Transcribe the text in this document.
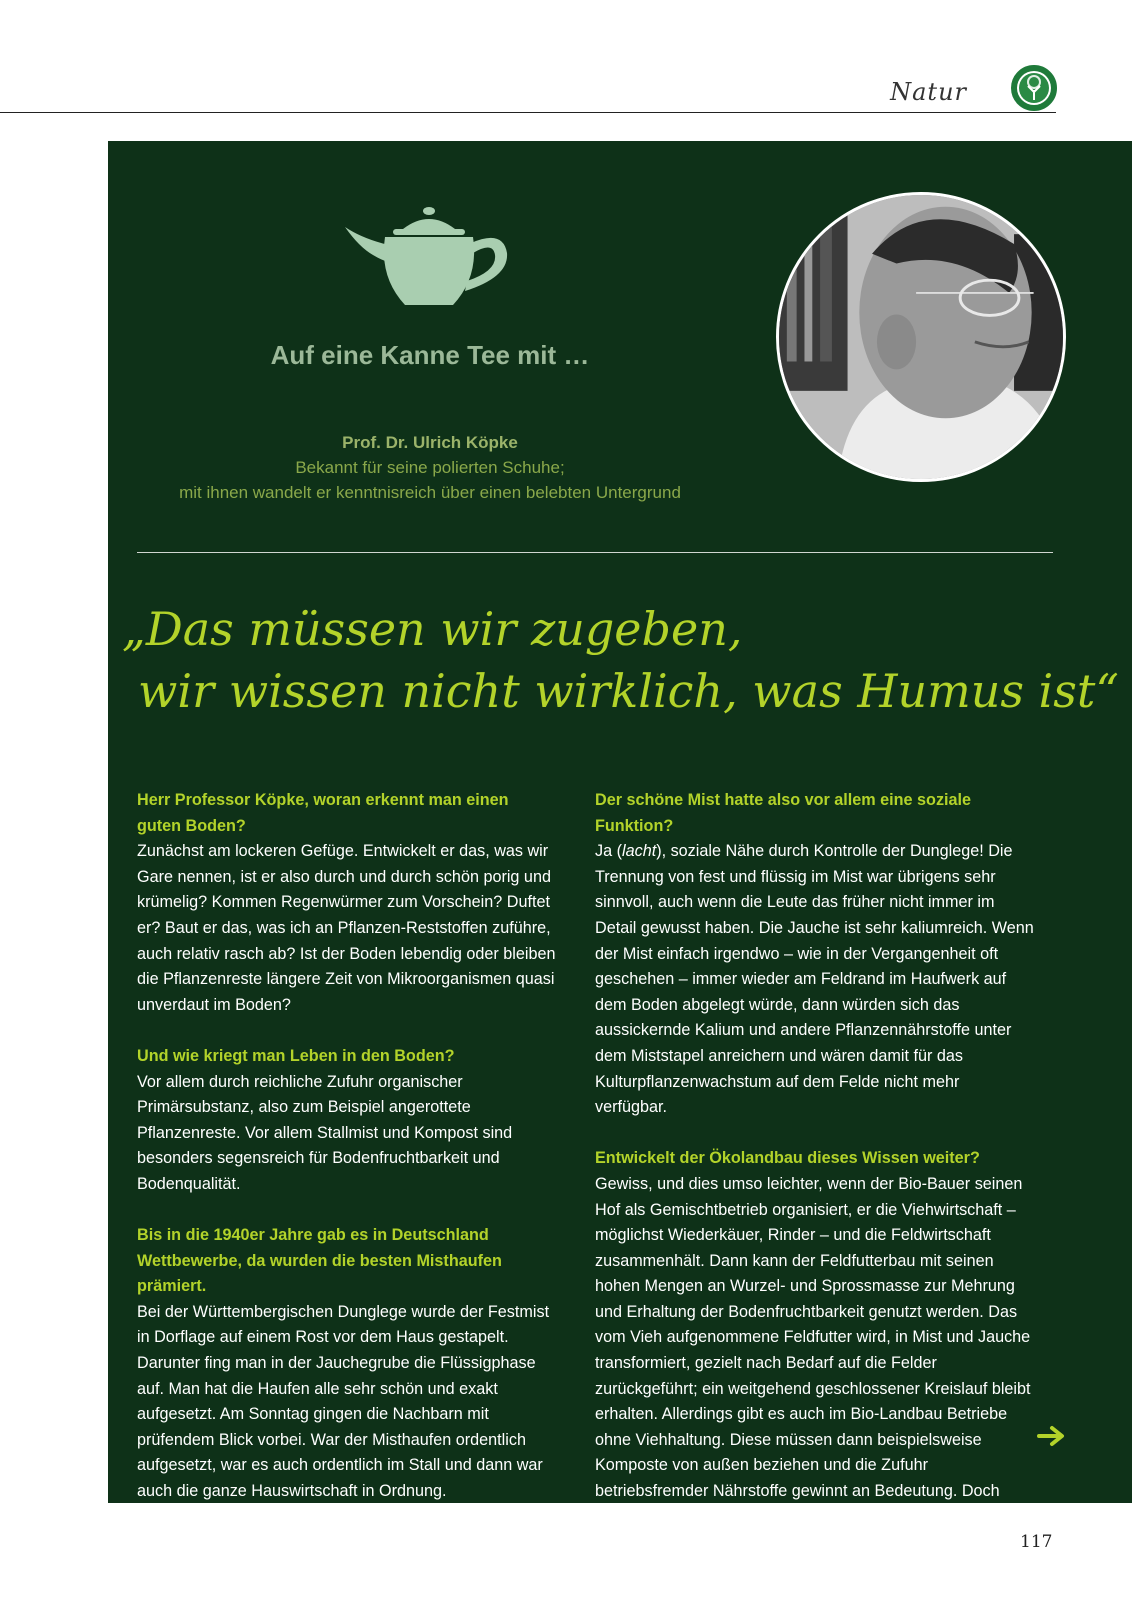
Natur
Auf eine Kanne Tee mit …
Prof. Dr. Ulrich Köpke
Bekannt für seine polierten Schuhe;
mit ihnen wandelt er kenntnisreich über einen belebten Untergrund
„Das müssen wir zugeben,
wir wissen nicht wirklich, was Humus ist“

Herr Professor Köpke, woran erkennt man einen guten Boden?

Zunächst am lockeren Gefüge. Entwickelt er das, was wir Gare nennen, ist er also durch und durch schön porig und krümelig? Kommen Regenwürmer zum Vorschein? Duftet er? Baut er das, was ich an Pflanzen-Reststoffen zuführe, auch relativ rasch ab? Ist der Boden lebendig oder bleiben die Pflanzenreste längere Zeit von Mikroorganismen quasi unverdaut im Boden?

Und wie kriegt man Leben in den Boden?

Vor allem durch reichliche Zufuhr organischer Primärsubstanz, also zum Beispiel angerottete Pflanzenreste. Vor allem Stallmist und Kompost sind besonders segensreich für Bodenfruchtbarkeit und Bodenqualität.

Bis in die 1940er Jahre gab es in Deutschland Wettbewerbe, da wurden die besten Misthaufen prämiert.

Bei der Württembergischen Dunglege wurde der Festmist in Dorflage auf einem Rost vor dem Haus gestapelt. Darunter fing man in der Jauchegrube die Flüssigphase auf. Man hat die Haufen alle sehr schön und exakt aufgesetzt. Am Sonntag gingen die Nachbarn mit prüfendem Blick vorbei. War der Misthaufen ordentlich aufgesetzt, war es auch ordentlich im Stall und dann war auch die ganze Hauswirtschaft in Ordnung.

Der schöne Mist hatte also vor allem eine soziale Funktion?

Ja (lacht), soziale Nähe durch Kontrolle der Dunglege! Die Trennung von fest und flüssig im Mist war übrigens sehr sinnvoll, auch wenn die Leute das früher nicht immer im Detail gewusst haben. Die Jauche ist sehr kaliumreich. Wenn der Mist einfach irgendwo – wie in der Vergangenheit oft geschehen – immer wieder am Feldrand im Haufwerk auf dem Boden abgelegt würde, dann würden sich das aussickernde Kalium und andere Pflanzennährstoffe unter dem Miststapel anreichern und wären damit für das Kulturpflanzenwachstum auf dem Felde nicht mehr verfügbar.

Entwickelt der Ökolandbau dieses Wissen weiter?

Gewiss, und dies umso leichter, wenn der Bio-Bauer seinen Hof als Gemischtbetrieb organisiert, er die Viehwirtschaft – möglichst Wiederkäuer, Rinder – und die Feldwirtschaft zusammenhält. Dann kann der Feldfutterbau mit seinen hohen Mengen an Wurzel- und Sprossmasse zur Mehrung und Erhaltung der Bodenfruchtbarkeit genutzt werden. Das vom Vieh aufgenommene Feldfutter wird, in Mist und Jauche transformiert, gezielt nach Bedarf auf die Felder zurückgeführt; ein weitgehend geschlossener Kreislauf bleibt erhalten. Allerdings gibt es auch im Bio-Landbau Betriebe ohne Viehhaltung. Diese müssen dann beispielsweise Komposte von außen beziehen und die Zufuhr betriebsfremder Nährstoffe gewinnt an Bedeutung. Doch

117
